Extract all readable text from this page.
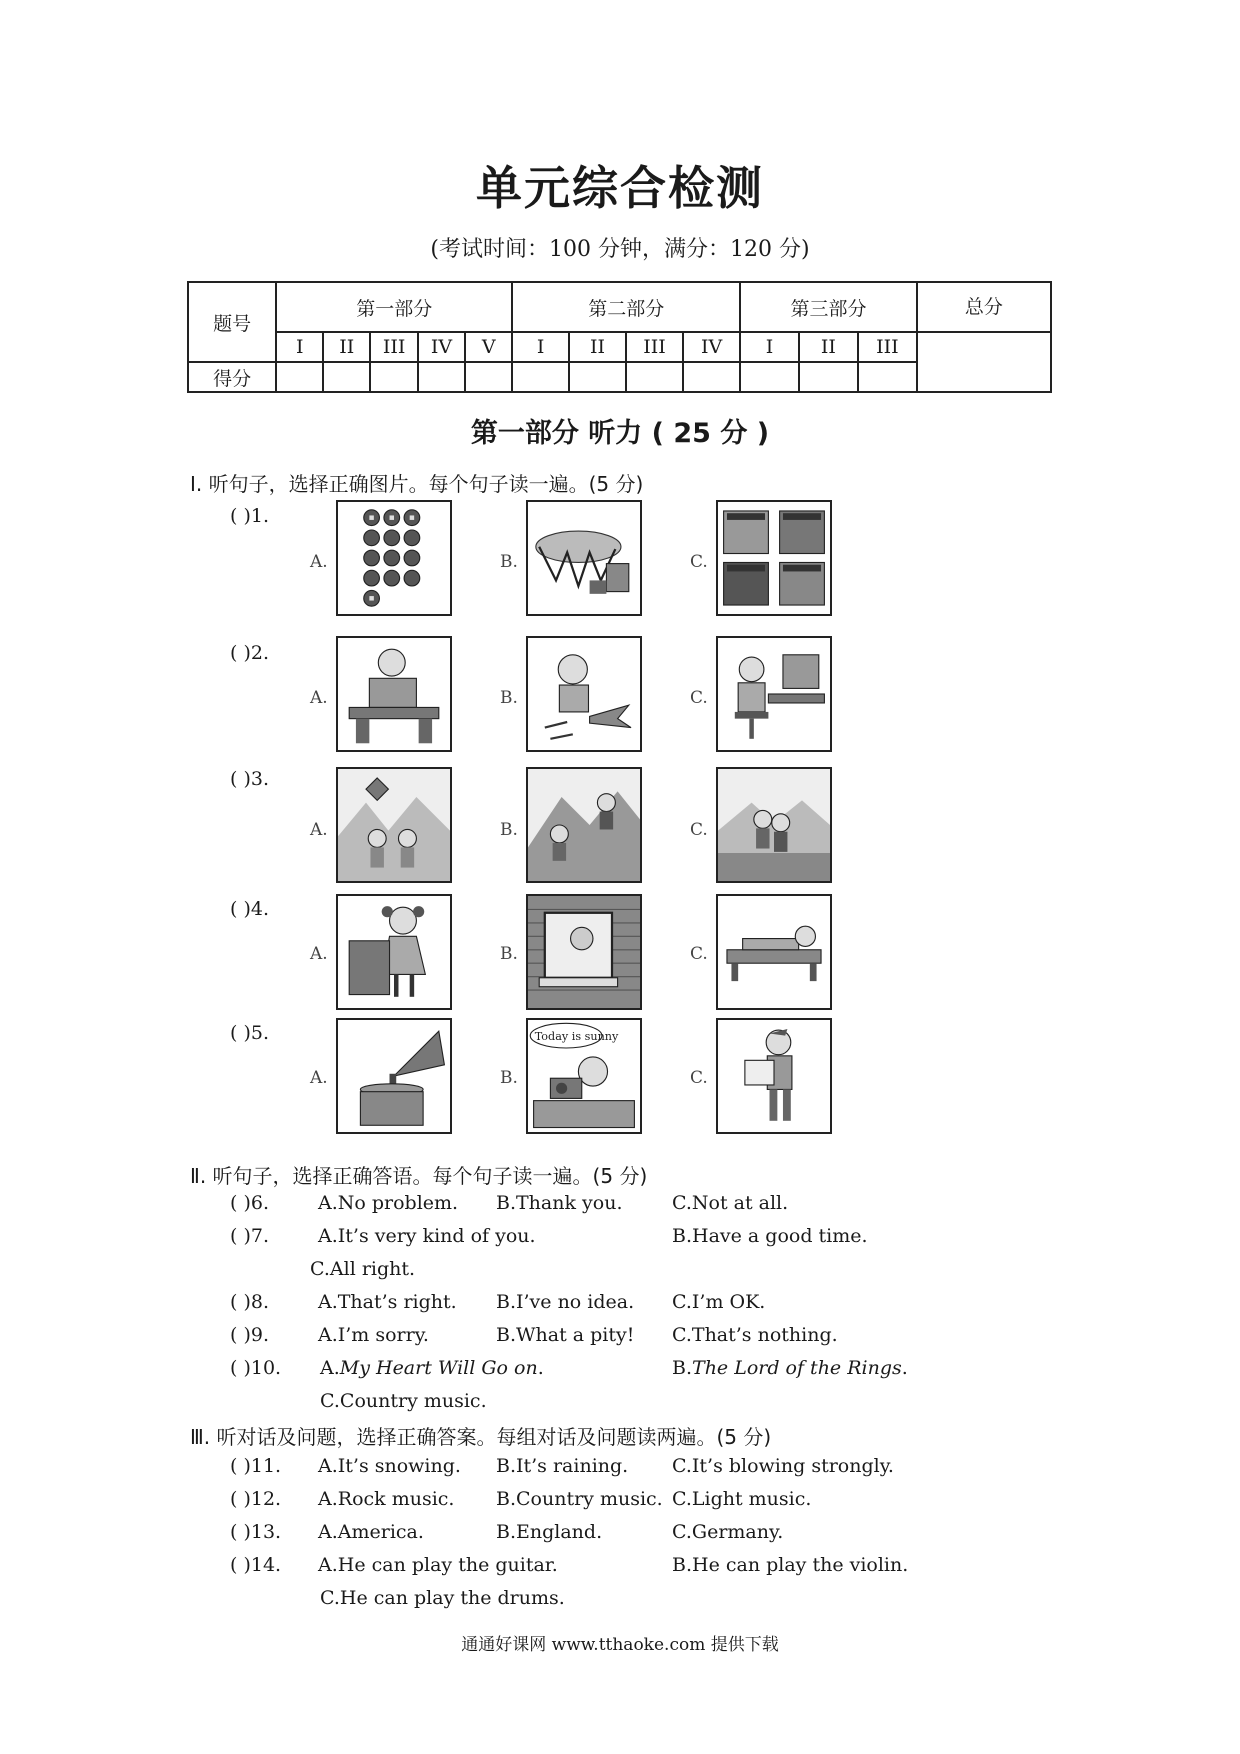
单元综合检测
(考试时间：100 分钟，满分：120 分)
题号	第一部分					第二部分				第三部分			总分

	I	II	III	IV	V	I	II	III	IV	I	II	III	
得分													
第一部分 听力 ( 25 分 )
Ⅰ. 听句子，选择正确图片。每个句子读一遍。(5 分)
( )1.
A.	B.	C.
( )2.
A.	B.	C.
( )3.
A.	B.	C.
( )4.
A.	B.	C.
( )5.
A.	B.	C.
Today is sunny
Ⅱ. 听句子，选择正确答语。每个句子读一遍。(5 分)
( )6.	A.No problem. B.Thank you.	C.Not at all.
( )7.	A.It’s very kind of you.	B.Have a good time.
C.All right.
( )8.	A.That’s right. B.I’ve no idea. C.I’m OK.
( )9.	A.I’m sorry.	B.What a pity! C.That’s nothing.
( )10. A.My Heart Will Go on.	B.The Lord of the Rings.
C.Country music.
Ⅲ. 听对话及问题，选择正确答案。每组对话及问题读两遍。(5 分)
( )11. A.It’s snowing. B.It’s raining. C.It’s blowing strongly.
( )12. A.Rock music. B.Country music. C.Light music.
( )13. A.America.	B.England.	C.Germany.
( )14. A.He can play the guitar.	B.He can play the violin.
C.He can play the drums.
通通好课网 www.tthaoke.com 提供下载
